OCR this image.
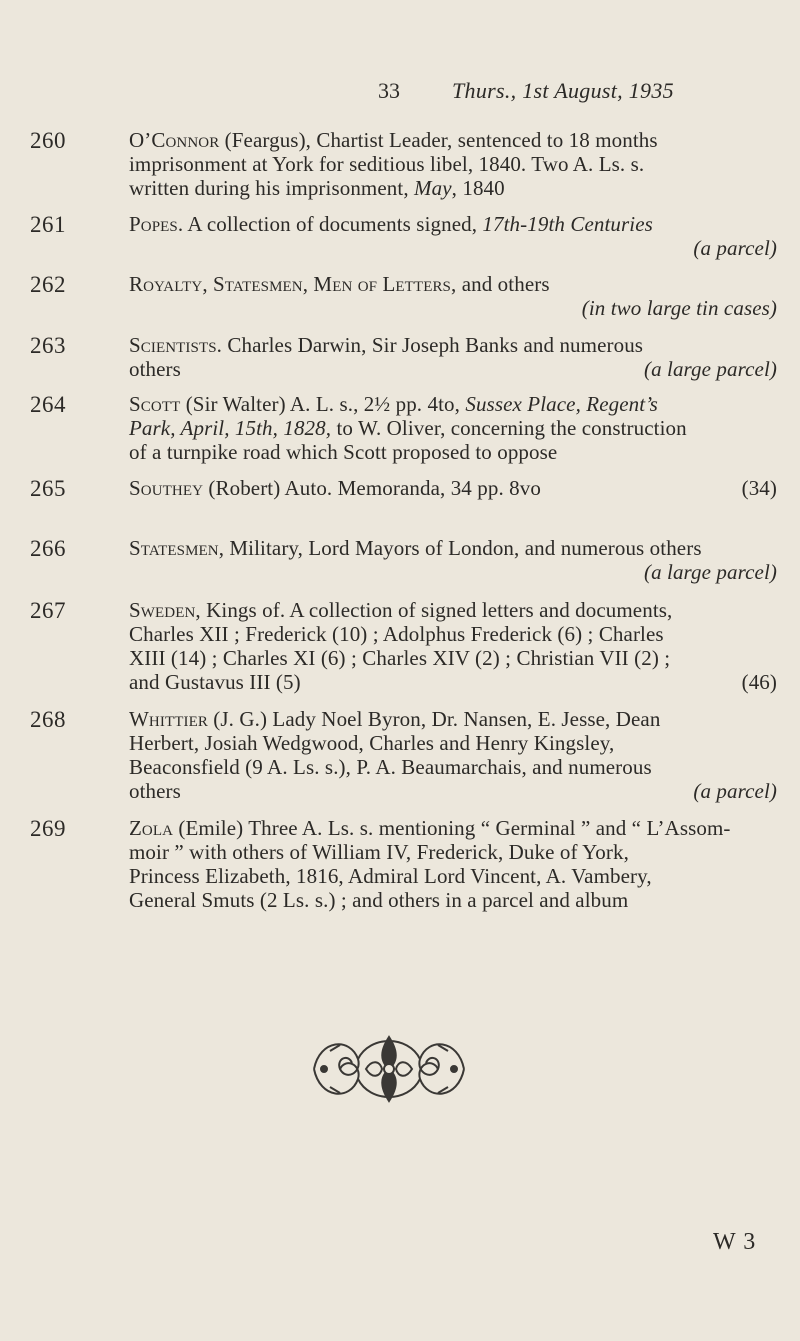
33 Thurs., 1st August, 1935
260	O’Connor (Feargus), Chartist Leader, sentenced to 18 months
imprisonment at York for seditious libel, 1840. Two A. Ls. s.
written during his imprisonment, May, 1840
261	Popes. A collection of documents signed, 17th-19th Centuries
(a parcel)
262	Royalty, Statesmen, Men of Letters, and others
(in two large tin cases)
263	Scientists. Charles Darwin, Sir Joseph Banks and numerous
others	(a large parcel)
264	Scott (Sir Walter) A. L. s., 2½ pp. 4to, Sussex Place, Regent’s
Park, April, 15th, 1828, to W. Oliver, concerning the construction
of a turnpike road which Scott proposed to oppose
265	Southey (Robert) Auto. Memoranda, 34 pp. 8vo	(34)
266	Statesmen, Military, Lord Mayors of London, and numerous others
(a large parcel)
267	Sweden, Kings of. A collection of signed letters and documents,
Charles XII ; Frederick (10) ; Adolphus Frederick (6) ; Charles
XIII (14) ; Charles XI (6) ; Charles XIV (2) ; Christian VII (2) ;
and Gustavus III (5)	(46)
268	Whittier (J. G.) Lady Noel Byron, Dr. Nansen, E. Jesse, Dean
Herbert, Josiah Wedgwood, Charles and Henry Kingsley,
Beaconsfield (9 A. Ls. s.), P. A. Beaumarchais, and numerous
others	(a parcel)
269	Zola (Emile) Three A. Ls. s. mentioning “ Germinal ” and “ L’Assom-
moir ” with others of William IV, Frederick, Duke of York,
Princess Elizabeth, 1816, Admiral Lord Vincent, A. Vambery,
General Smuts (2 Ls. s.) ; and others in a parcel and album
W 3
